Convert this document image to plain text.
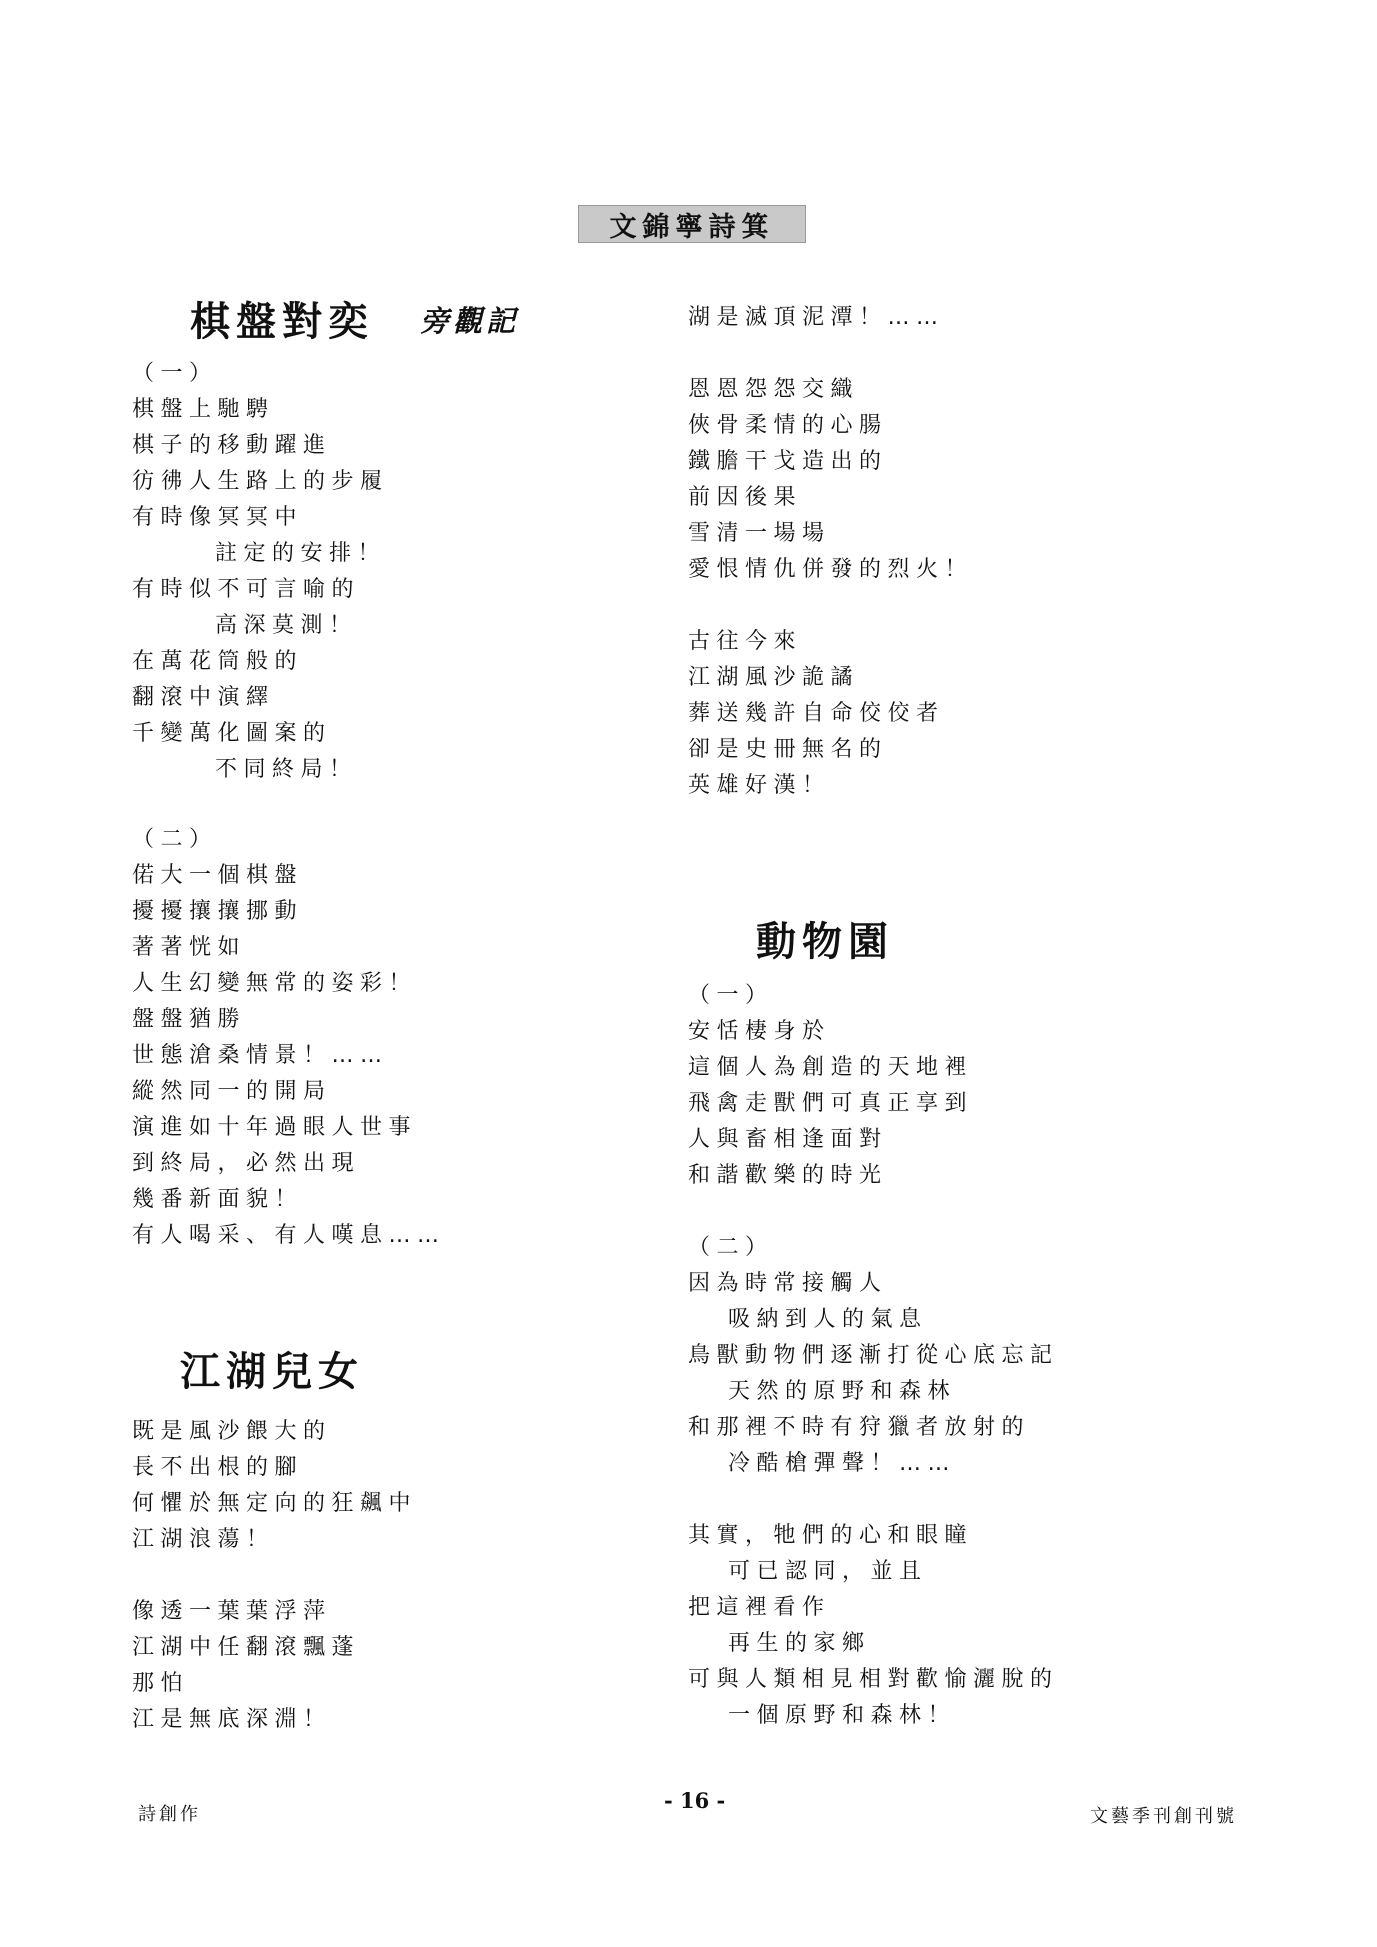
文錦寧詩箕
棋盤對奕 旁觀記
（一）
棋盤上馳騁
棋子的移動躍進
彷彿人生路上的步履
有時像冥冥中
註定的安排！
有時似不可言喻的
高深莫測！
在萬花筒般的
翻滾中演繹
千變萬化圖案的
不同終局！
（二）
偌大一個棋盤
擾擾攘攘挪動
著著恍如
人生幻變無常的姿彩！
盤盤猶勝
世態滄桑情景！……
縱然同一的開局
演進如十年過眼人世事
到終局，必然出現
幾番新面貌！
有人喝采、有人嘆息……
江湖兒女
既是風沙餵大的
長不出根的腳
何懼於無定向的狂飆中
江湖浪蕩！
像透一葉葉浮萍
江湖中任翻滾飄蓬
那怕
江是無底深淵！
湖是滅頂泥潭！……
恩恩怨怨交織
俠骨柔情的心腸
鐵膽干戈造出的
前因後果
雪清一場場
愛恨情仇併發的烈火！
古往今來
江湖風沙詭譎
葬送幾許自命佼佼者
卻是史冊無名的
英雄好漢！
動物園
（一）
安恬棲身於
這個人為創造的天地裡
飛禽走獸們可真正享到
人與畜相逢面對
和諧歡樂的時光
（二）
因為時常接觸人
吸納到人的氣息
鳥獸動物們逐漸打從心底忘記
天然的原野和森林
和那裡不時有狩獵者放射的
冷酷槍彈聲！……
其實，牠們的心和眼瞳
可已認同，並且
把這裡看作
再生的家鄉
可與人類相見相對歡愉灑脫的
一個原野和森林！
詩創作
- 16 -
文藝季刊創刊號
